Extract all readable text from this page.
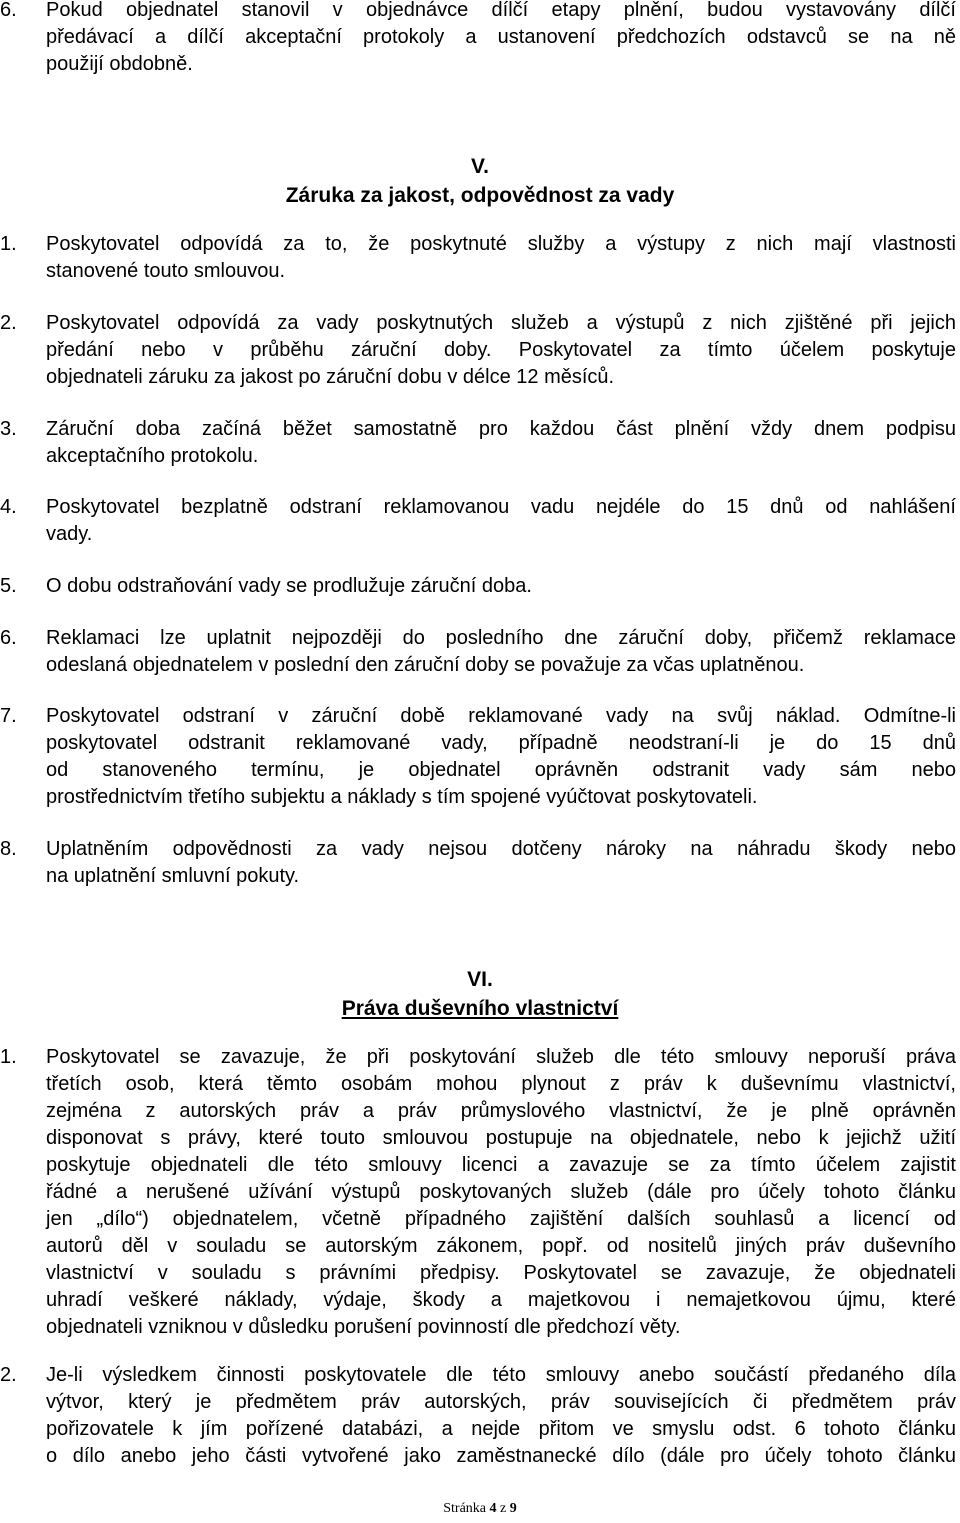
6. Pokud objednatel stanovil v objednávce dílčí etapy plnění, budou vystavovány dílčí
předávací a dílčí akceptační protokoly a ustanovení předchozích odstavců se na ně
použijí obdobně.
V.
Záruka za jakost, odpovědnost za vady
1. Poskytovatel odpovídá za to, že poskytnuté služby a výstupy z nich mají vlastnosti
stanovené touto smlouvou.
2. Poskytovatel odpovídá za vady poskytnutých služeb a výstupů z nich zjištěné při jejich
předání nebo v průběhu záruční doby. Poskytovatel za tímto účelem poskytuje
objednateli záruku za jakost po záruční dobu v délce 12 měsíců.
3. Záruční doba začíná běžet samostatně pro každou část plnění vždy dnem podpisu
akceptačního protokolu.
4. Poskytovatel bezplatně odstraní reklamovanou vadu nejdéle do 15 dnů od nahlášení
vady.
5. O dobu odstraňování vady se prodlužuje záruční doba.
6. Reklamaci lze uplatnit nejpozději do posledního dne záruční doby, přičemž reklamace
odeslaná objednatelem v poslední den záruční doby se považuje za včas uplatněnou.
7. Poskytovatel odstraní v záruční době reklamované vady na svůj náklad. Odmítne-li
poskytovatel odstranit reklamované vady, případně neodstraní-li je do 15 dnů
od stanoveného termínu, je objednatel oprávněn odstranit vady sám nebo
prostřednictvím třetího subjektu a náklady s tím spojené vyúčtovat poskytovateli.
8. Uplatněním odpovědnosti za vady nejsou dotčeny nároky na náhradu škody nebo
na uplatnění smluvní pokuty.
VI.
Práva duševního vlastnictví
1. Poskytovatel se zavazuje, že při poskytování služeb dle této smlouvy neporuší práva
třetích osob, která těmto osobám mohou plynout z práv k duševnímu vlastnictví,
zejména z autorských práv a práv průmyslového vlastnictví, že je plně oprávněn
disponovat s právy, které touto smlouvou postupuje na objednatele, nebo k jejichž užití
poskytuje objednateli dle této smlouvy licenci a zavazuje se za tímto účelem zajistit
řádné a nerušené užívání výstupů poskytovaných služeb (dále pro účely tohoto článku
jen „dílo“) objednatelem, včetně případného zajištění dalších souhlasů a licencí od
autorů děl v souladu se autorským zákonem, popř. od nositelů jiných práv duševního
vlastnictví v souladu s právními předpisy. Poskytovatel se zavazuje, že objednateli
uhradí veškeré náklady, výdaje, škody a majetkovou i nemajetkovou újmu, které
objednateli vzniknou v důsledku porušení povinností dle předchozí věty.
2. Je-li výsledkem činnosti poskytovatele dle této smlouvy anebo součástí předaného díla
výtvor, který je předmětem práv autorských, práv souvisejících či předmětem práv
pořizovatele k jím pořízené databázi, a nejde přitom ve smyslu odst. 6 tohoto článku
o dílo anebo jeho části vytvořené jako zaměstnanecké dílo (dále pro účely tohoto článku
Stránka 4 z 9
